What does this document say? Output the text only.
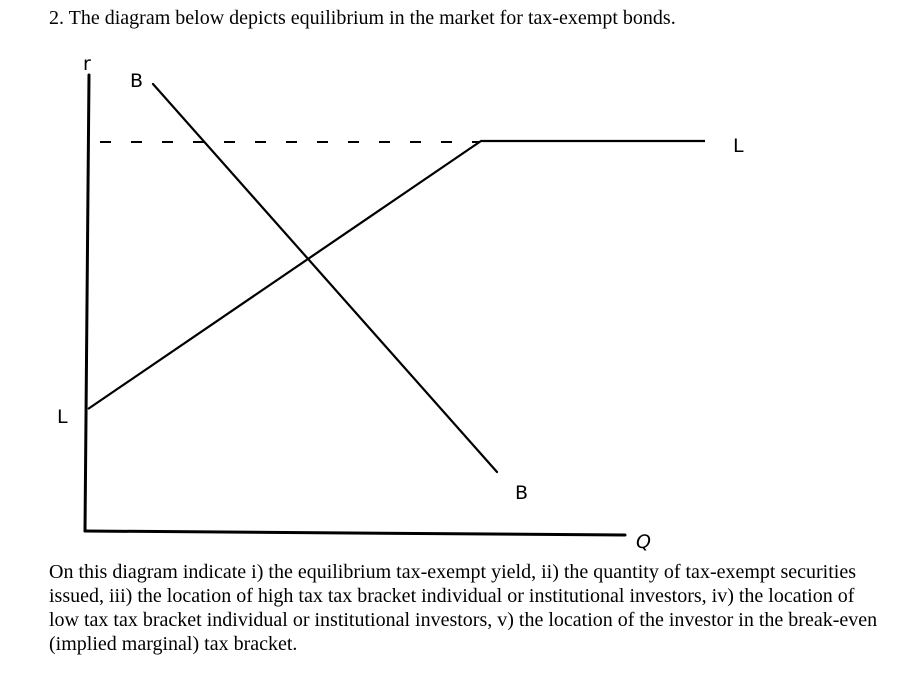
2. The diagram below depicts equilibrium in the market for tax-exempt bonds.
r
Q
B
B
L
L
On this diagram indicate i) the equilibrium tax-exempt yield, ii) the quantity of tax-exempt securities issued, iii) the location of high tax tax bracket individual or institutional investors, iv) the location of low tax tax bracket individual or institutional investors, v) the location of the investor in the break-even (implied marginal) tax bracket.
